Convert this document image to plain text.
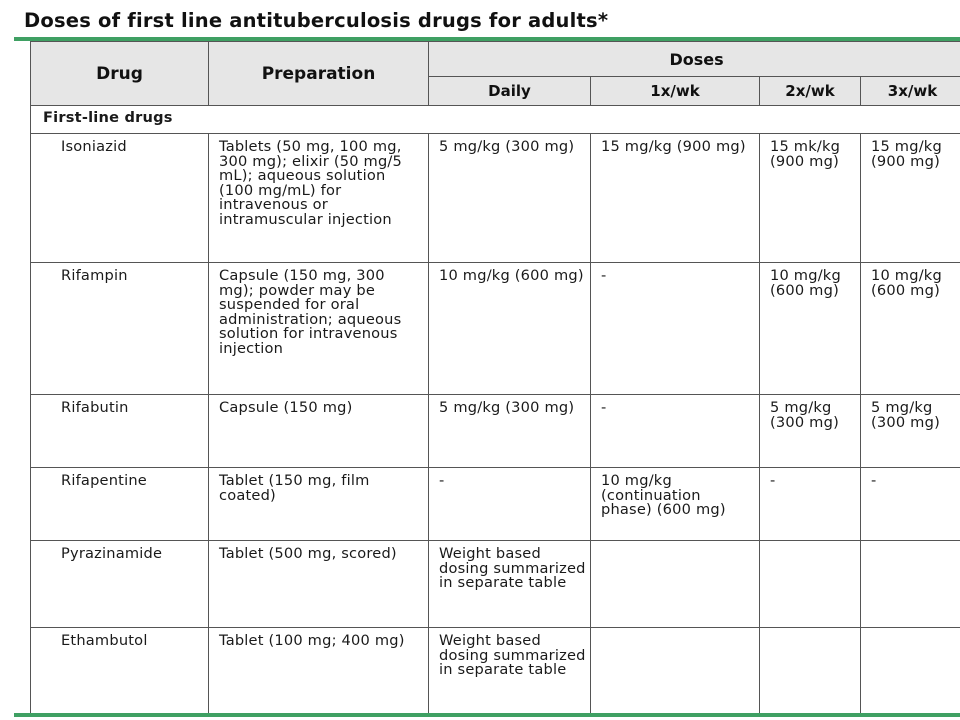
Doses of first line antituberculosis drugs for adults*
Drug	Preparation	Doses			
		Daily	1x/wk	2x/wk	3x/wk
First-line drugs					
Isoniazid	Tablets (50 mg, 100 mg, 300 mg); elixir (50 mg/5 mL); aqueous solution (100 mg/mL) for intravenous or intramuscular injection	5 mg/kg (300 mg)	15 mg/kg (900 mg)	15 mk/kg (900 mg)	15 mg/kg (900 mg)
Rifampin	Capsule (150 mg, 300 mg); powder may be suspended for oral administration; aqueous solution for intravenous injection	10 mg/kg (600 mg)	-	10 mg/kg (600 mg)	10 mg/kg (600 mg)
Rifabutin	Capsule (150 mg)	5 mg/kg (300 mg)	-	5 mg/kg (300 mg)	5 mg/kg (300 mg)
Rifapentine	Tablet (150 mg, film coated)	-	10 mg/kg (continuation phase) (600 mg)	-	-
Pyrazinamide	Tablet (500 mg, scored)	Weight based dosing summarized in separate table			
Ethambutol	Tablet (100 mg; 400 mg)	Weight based dosing summarized in separate table			
